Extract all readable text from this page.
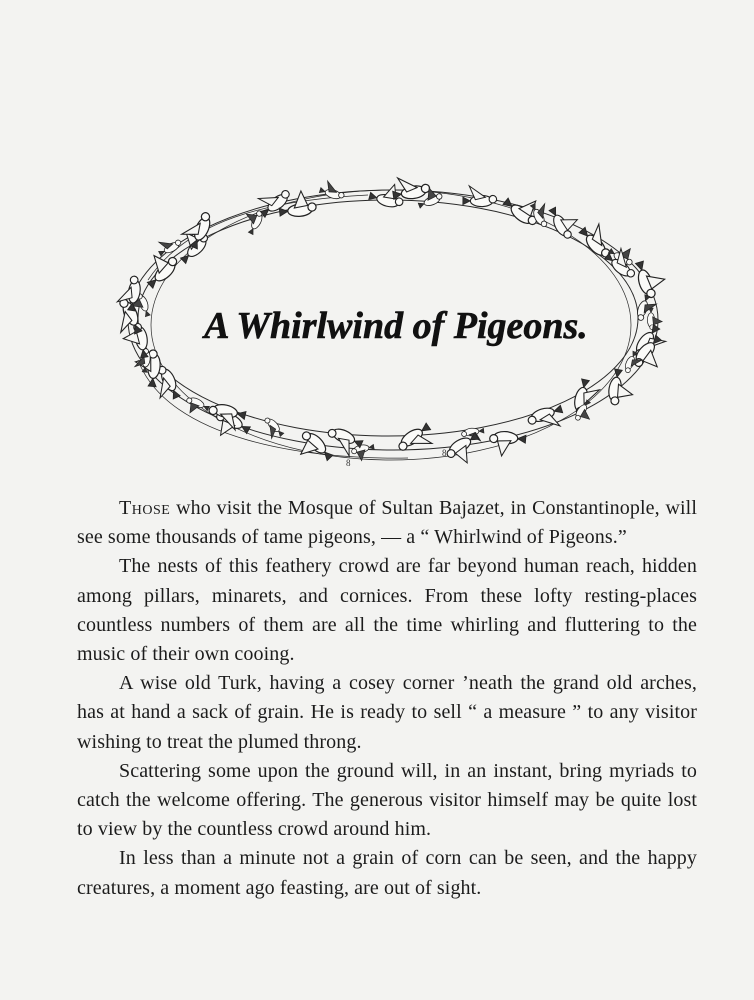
A Whirlwind of Pigeons.
8
8

Those who visit the Mosque of Sultan Bajazet, in Constantinople, will see some thousands of tame pigeons, — a “ Whirlwind of Pigeons.”

The nests of this feathery crowd are far beyond human reach, hidden among pillars, minarets, and cornices. From these lofty resting-places countless numbers of them are all the time whirling and fluttering to the music of their own cooing.

A wise old Turk, having a cosey corner ’neath the grand old arches, has at hand a sack of grain. He is ready to sell “ a measure ” to any visitor wishing to treat the plumed throng.

Scattering some upon the ground will, in an instant, bring myriads to catch the welcome offering. The generous visitor himself may be quite lost to view by the countless crowd around him.

In less than a minute not a grain of corn can be seen, and the happy creatures, a moment ago feasting, are out of sight.
